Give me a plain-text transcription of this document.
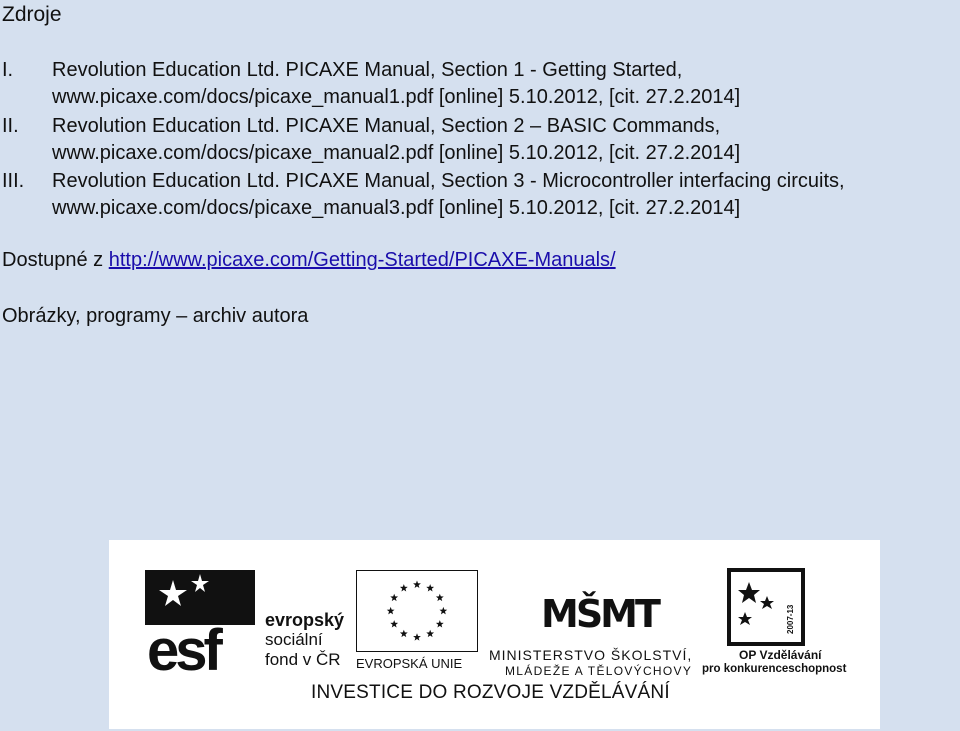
Zdroje
I. Revolution Education Ltd. PICAXE Manual, Section 1 - Getting Started,
www.picaxe.com/docs/picaxe_manual1.pdf [online] 5.10.2012, [cit. 27.2.2014]
II. Revolution Education Ltd. PICAXE Manual, Section 2 – BASIC Commands,
www.picaxe.com/docs/picaxe_manual2.pdf [online] 5.10.2012, [cit. 27.2.2014]
III. Revolution Education Ltd. PICAXE Manual, Section 3 - Microcontroller interfacing circuits,
www.picaxe.com/docs/picaxe_manual3.pdf [online] 5.10.2012, [cit. 27.2.2014]
Dostupné z http://www.picaxe.com/Getting-Started/PICAXE-Manuals/
Obrázky, programy – archiv autora
esf	evropský
sociální
fond v ČR EVROPSKÁ UNIE
MŠMT
MINISTERSTVO ŠKOLSTVÍ,
MLÁDEŽE A TĚLOVÝCHOVY
2007-13
OP Vzdělávání
pro konkurenceschopnost
INVESTICE DO ROZVOJE VZDĚLÁVÁNÍ
